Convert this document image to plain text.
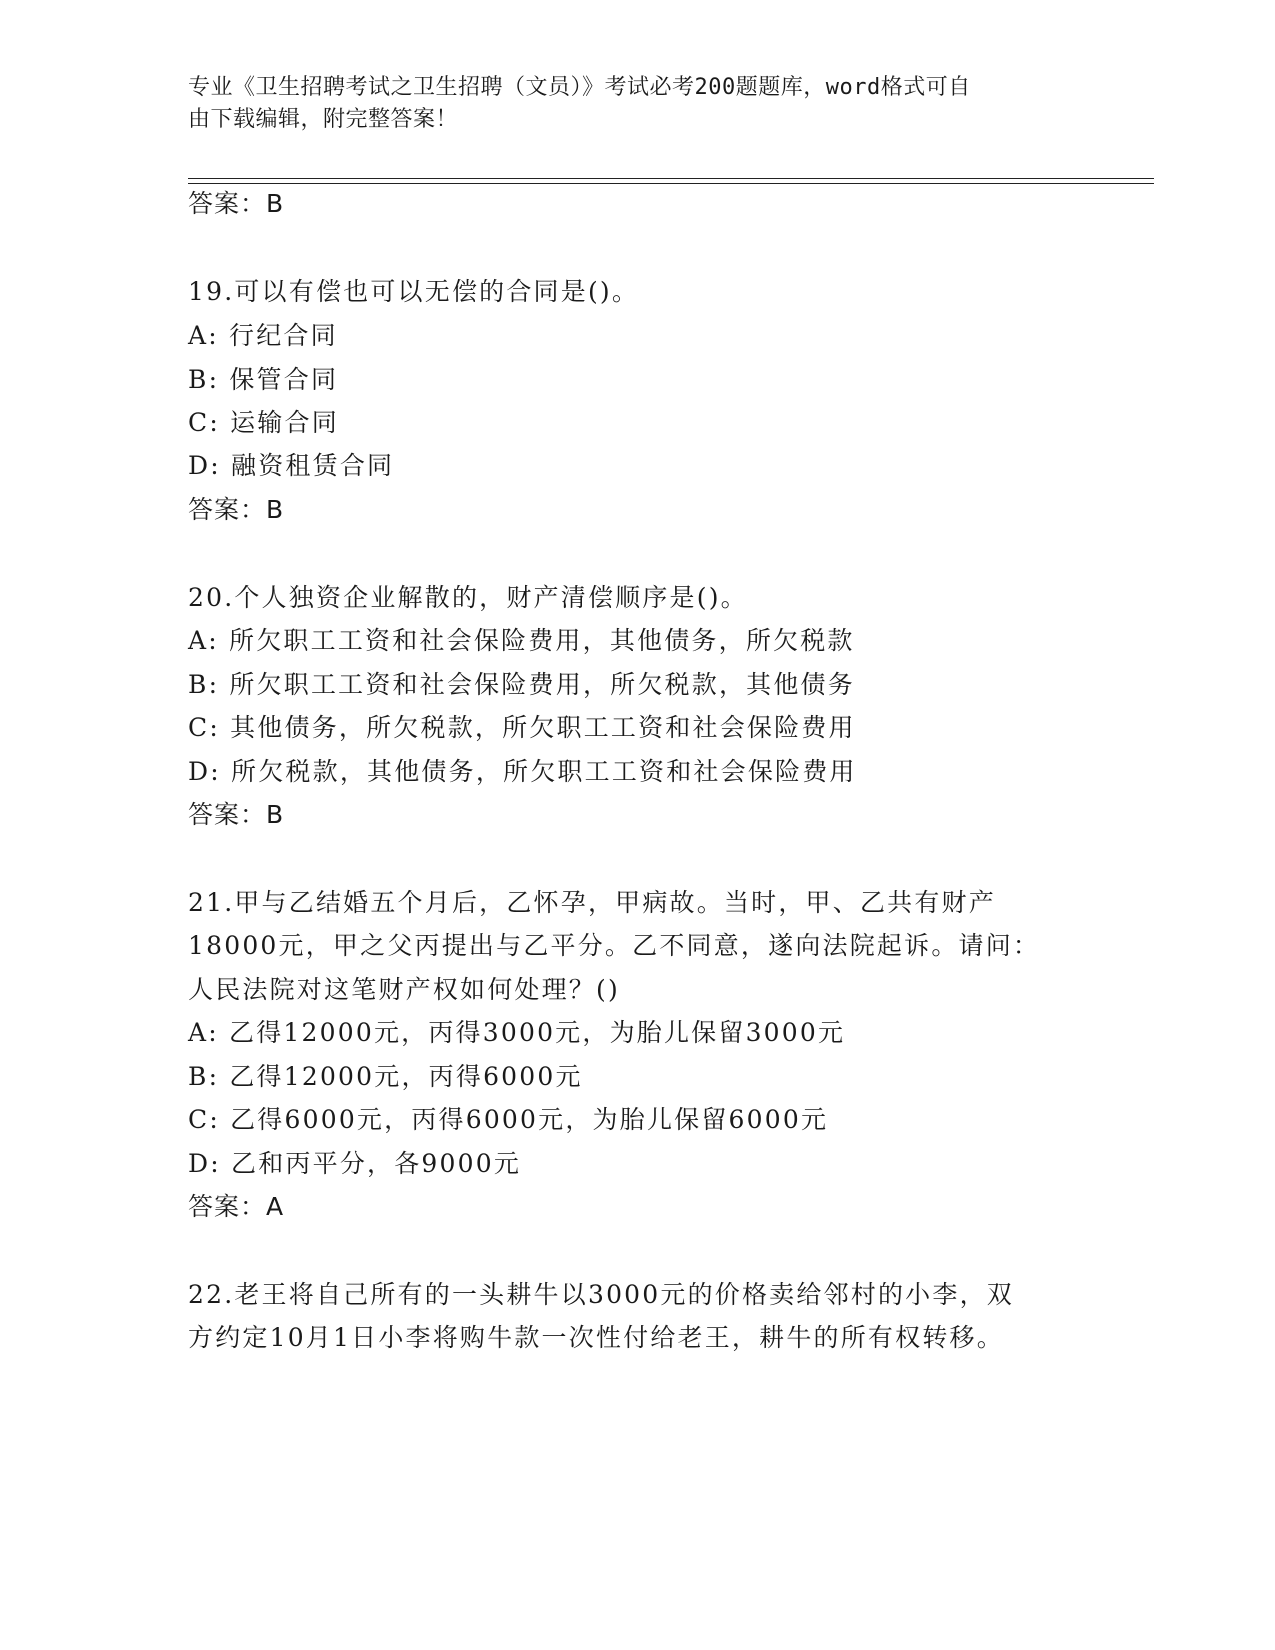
专业《卫生招聘考试之卫生招聘（文员）》考试必考200题题库，word格式可自
由下载编辑，附完整答案！
答案：B
19.可以有偿也可以无偿的合同是()。
A: 行纪合同
B: 保管合同
C: 运输合同
D: 融资租赁合同
答案：B
20.个人独资企业解散的，财产清偿顺序是()。
A: 所欠职工工资和社会保险费用，其他债务，所欠税款
B: 所欠职工工资和社会保险费用，所欠税款，其他债务
C: 其他债务，所欠税款，所欠职工工资和社会保险费用
D: 所欠税款，其他债务，所欠职工工资和社会保险费用
答案：B
21.甲与乙结婚五个月后，乙怀孕，甲病故。当时，甲、乙共有财产
18000元，甲之父丙提出与乙平分。乙不同意，遂向法院起诉。请问：
人民法院对这笔财产权如何处理？()
A: 乙得12000元，丙得3000元，为胎儿保留3000元
B: 乙得12000元，丙得6000元
C: 乙得6000元，丙得6000元，为胎儿保留6000元
D: 乙和丙平分，各9000元
答案：A
22.老王将自己所有的一头耕牛以3000元的价格卖给邻村的小李，双
方约定10月1日小李将购牛款一次性付给老王，耕牛的所有权转移。
